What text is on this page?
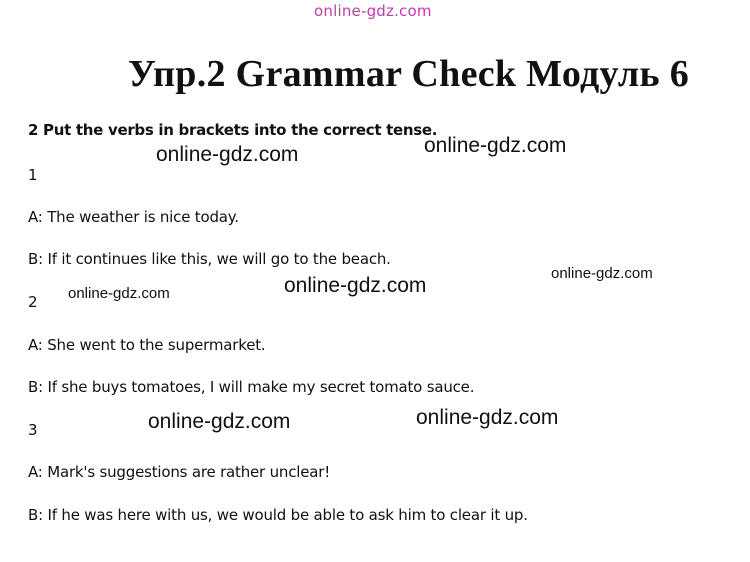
online-gdz.com
Упр.2 Grammar Check Модуль 6
2 Put the verbs in brackets into the correct tense.
1
A: The weather is nice today.
B: If it continues like this, we will go to the beach.
2
A: She went to the supermarket.
B: If she buys tomatoes, I will make my secret tomato sauce.
3
A: Mark's suggestions are rather unclear!
B: If he was here with us, we would be able to ask him to clear it up.
online-gdz.com	online-gdz.com
online-gdz.com
online-gdz.com	online-gdz.com
online-gdz.com	online-gdz.com
